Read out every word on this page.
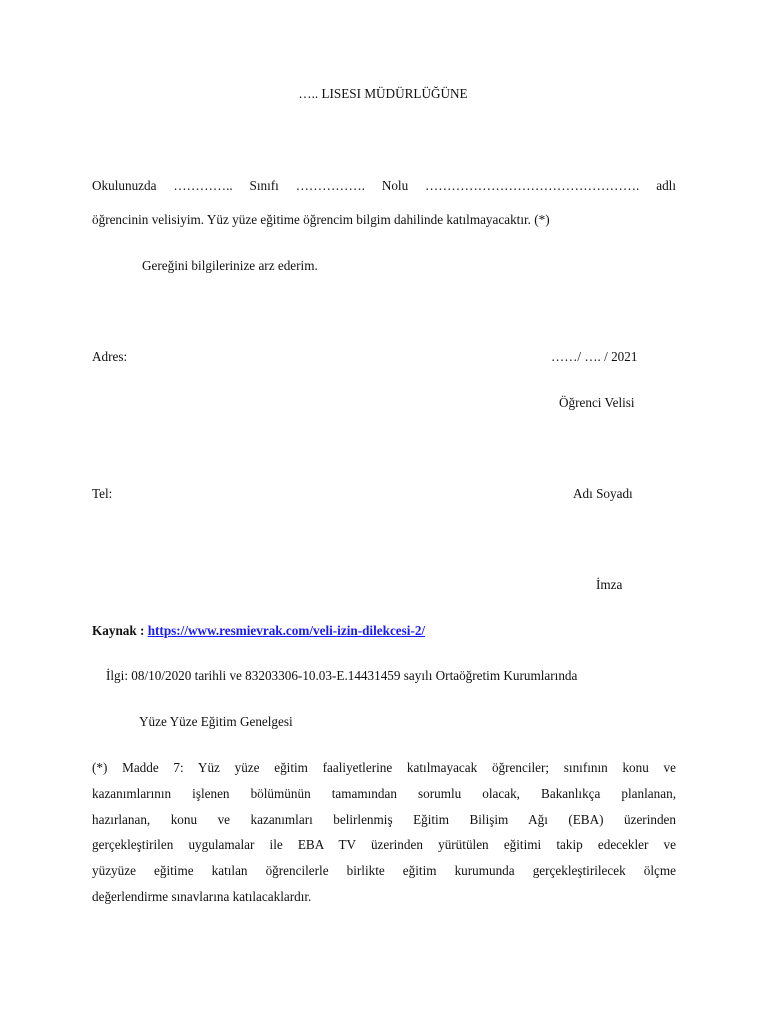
….. LISESI MÜDÜRLÜĞÜNE
Okulunuzda ………….. Sınıfı ……………. Nolu …………………………………………. adlı
öğrencinin velisiyim. Yüz yüze eğitime öğrencim bilgim dahilinde katılmayacaktır. (*)
Gereğini bilgilerinize arz ederim.
Adres:	……/ …. / 2021
Öğrenci Velisi
Tel:	Adı Soyadı
İmza
Kaynak : https://www.resmievrak.com/veli-izin-dilekcesi-2/
İlgi: 08/10/2020 tarihli ve 83203306-10.03-E.14431459 sayılı Ortaöğretim Kurumlarında
Yüze Yüze Eğitim Genelgesi
(*) Madde 7: Yüz yüze eğitim faaliyetlerine katılmayacak öğrenciler; sınıfının konu ve
kazanımlarının işlenen bölümünün tamamından sorumlu olacak, Bakanlıkça planlanan,
hazırlanan, konu ve kazanımları belirlenmiş Eğitim Bilişim Ağı (EBA) üzerinden
gerçekleştirilen uygulamalar ile EBA TV üzerinden yürütülen eğitimi takip edecekler ve
yüzyüze eğitime katılan öğrencilerle birlikte eğitim kurumunda gerçekleştirilecek ölçme
değerlendirme sınavlarına katılacaklardır.
